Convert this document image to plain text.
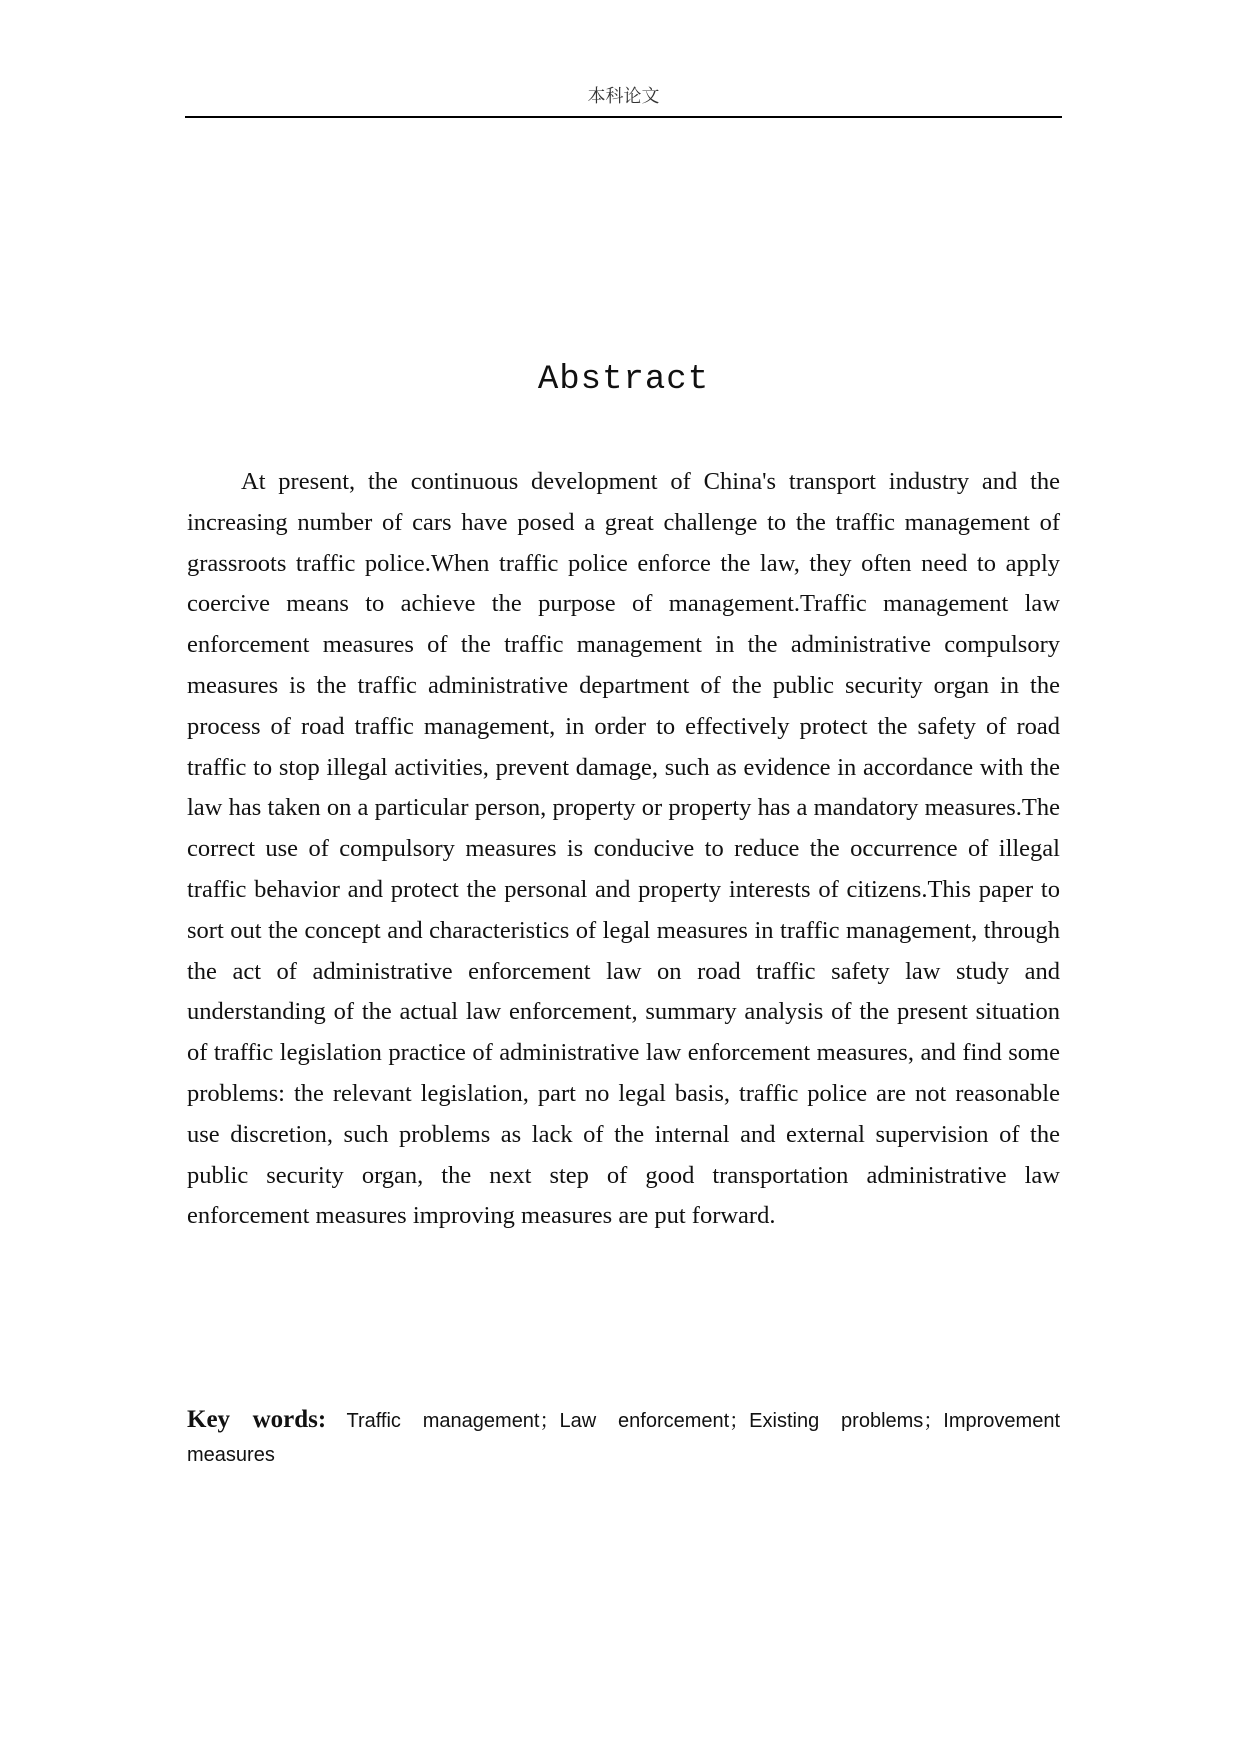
本科论文
Abstract

At present, the continuous development of China's transport industry and the increasing number of cars have posed a great challenge to the traffic management of grassroots traffic police.When traffic police enforce the law, they often need to apply coercive means to achieve the purpose of management.Traffic management law enforcement measures of the traffic management in the administrative compulsory measures is the traffic administrative department of the public security organ in the process of road traffic management, in order to effectively protect the safety of road traffic to stop illegal activities, prevent damage, such as evidence in accordance with the law has taken on a particular person, property or property has a mandatory measures.The correct use of compulsory measures is conducive to reduce the occurrence of illegal traffic behavior and protect the personal and property interests of citizens.This paper to sort out the concept and characteristics of legal measures in traffic management, through the act of administrative enforcement law on road traffic safety law study and understanding of the actual law enforcement, summary analysis of the present situation of traffic legislation practice of administrative law enforcement measures, and find some problems: the relevant legislation, part no legal basis, traffic police are not reasonable use discretion, such problems as lack of the internal and external supervision of the public security organ, the next step of good transportation administrative law enforcement measures improving measures are put forward.

Key words: Traffic management；Law enforcement；Existing problems；Improvement measures
